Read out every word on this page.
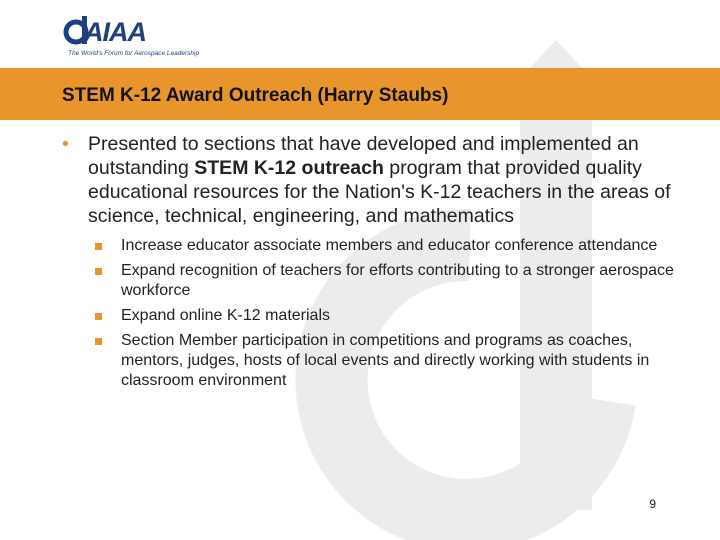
AIAA
The World's Forum for Aerospace Leadership
STEM K-12 Award Outreach (Harry Staubs)

• Presented to sections that have developed and implemented an outstanding STEM K-12 outreach program that provided quality educational resources for the Nation's K-12 teachers in the areas of science, technical, engineering, and mathematics

Increase educator associate members and educator conference attendance
Expand recognition of teachers for efforts contributing to a stronger aerospace workforce
Expand online K-12 materials
Section Member participation in competitions and programs as coaches, mentors, judges, hosts of local events and directly working with students in classroom environment
9
